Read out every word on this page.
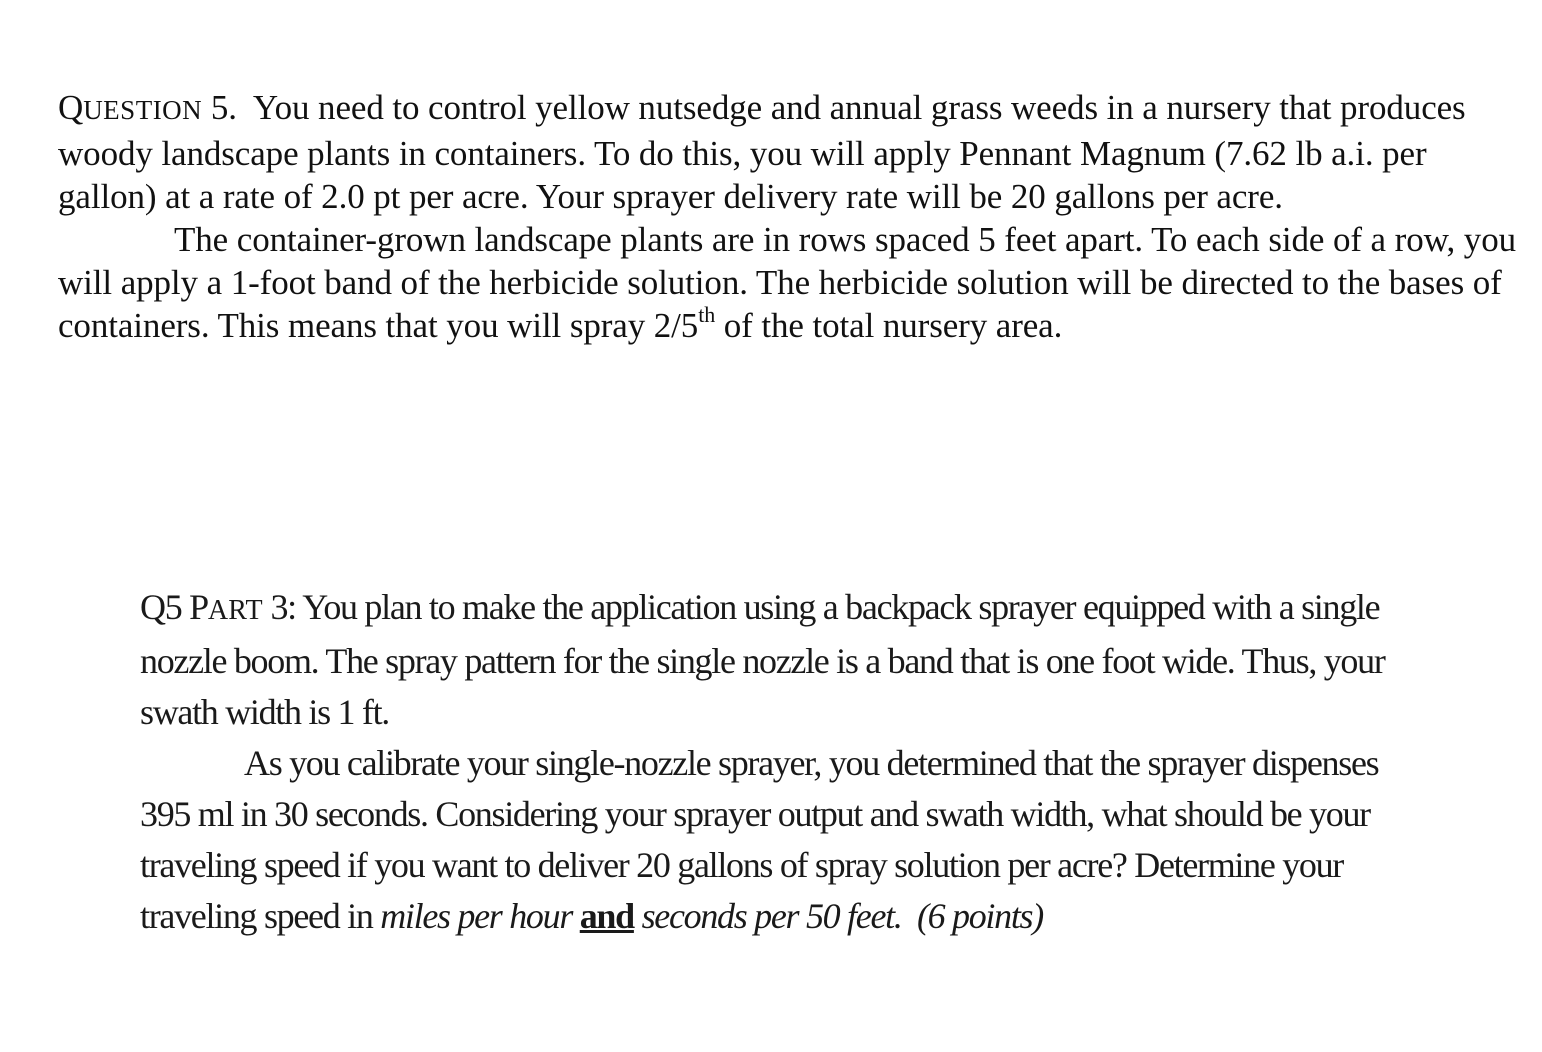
QUESTION 5. You need to control yellow nutsedge and annual grass weeds in a nursery that produces woody landscape plants in containers. To do this, you will apply Pennant Magnum (7.62 lb a.i. per gallon) at a rate of 2.0 pt per acre. Your sprayer delivery rate will be 20 gallons per acre.

The container-grown landscape plants are in rows spaced 5 feet apart. To each side of a row, you will apply a 1-foot band of the herbicide solution. The herbicide solution will be directed to the bases of containers. This means that you will spray 2/5th of the total nursery area.

Q5 PART 3: You plan to make the application using a backpack sprayer equipped with a single nozzle boom. The spray pattern for the single nozzle is a band that is one foot wide. Thus, your swath width is 1 ft.

As you calibrate your single-nozzle sprayer, you determined that the sprayer dispenses 395 ml in 30 seconds. Considering your sprayer output and swath width, what should be your traveling speed if you want to deliver 20 gallons of spray solution per acre? Determine your traveling speed in miles per hour and seconds per 50 feet. (6 points)
